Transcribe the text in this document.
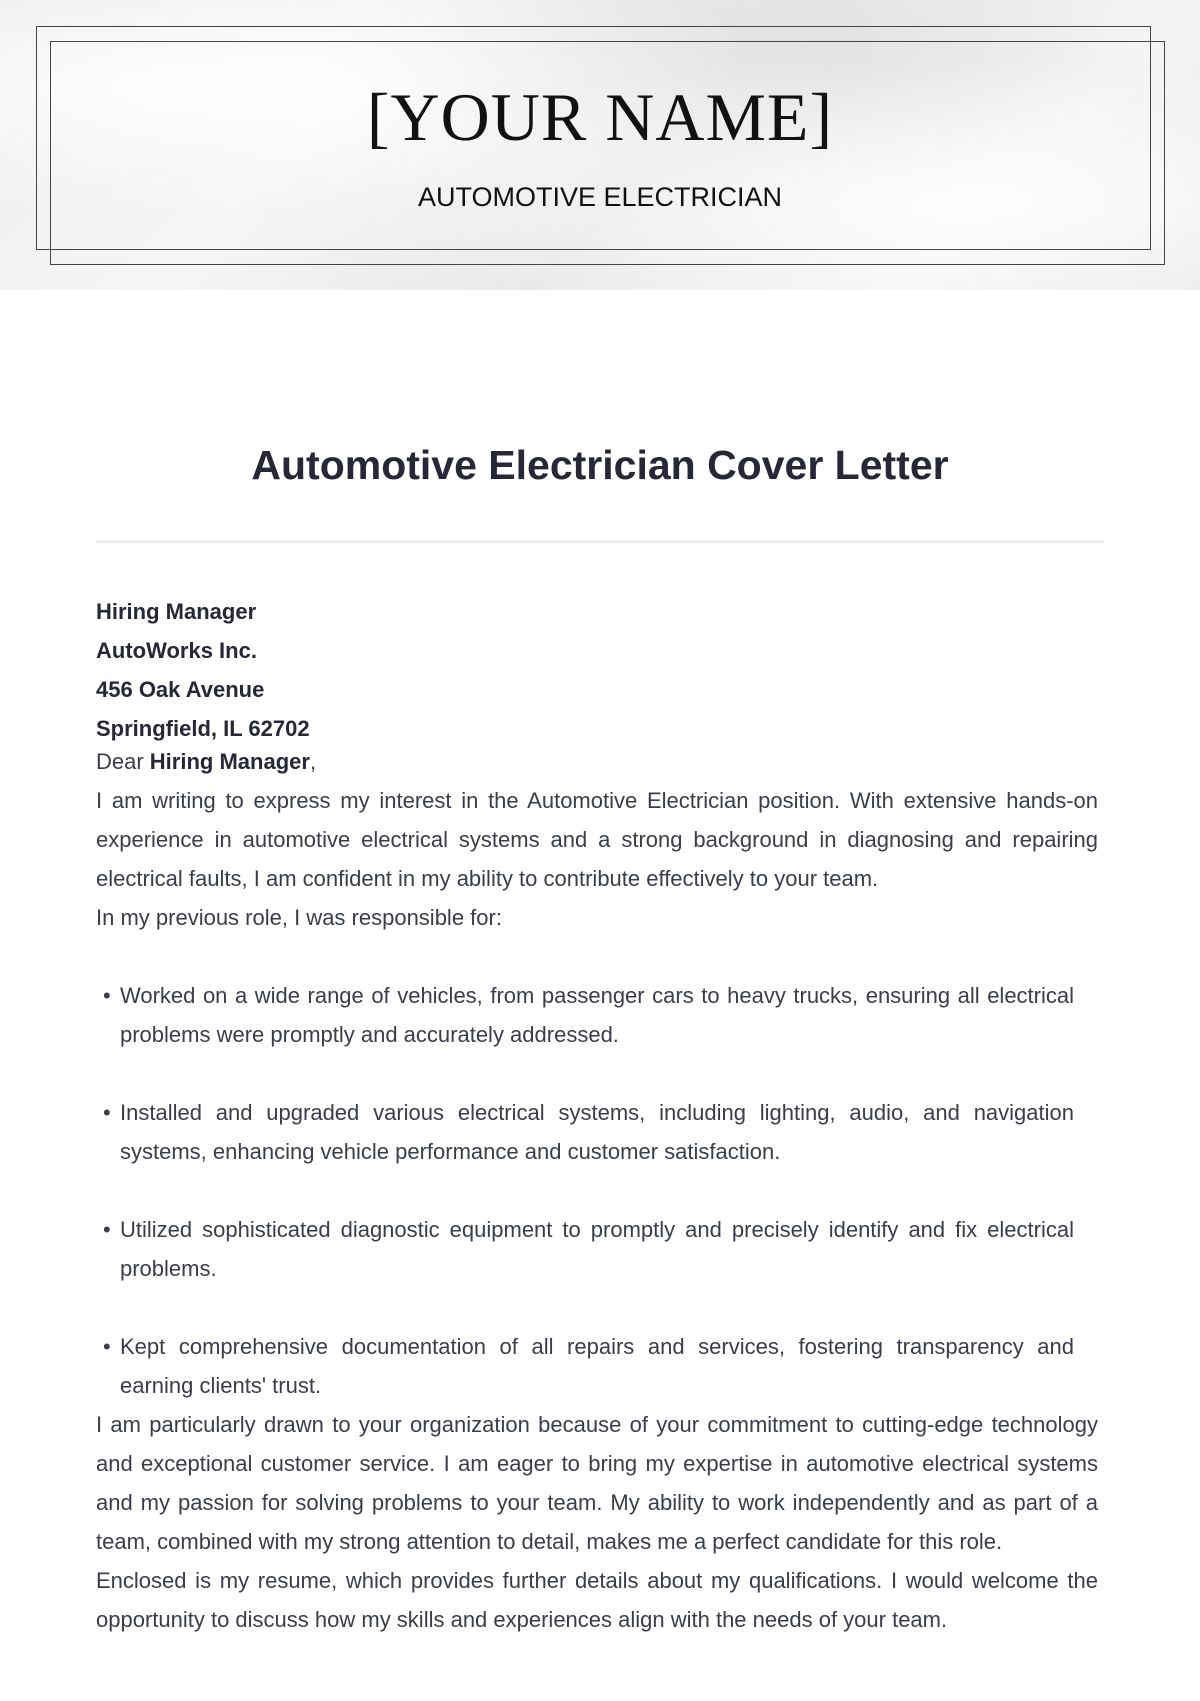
[YOUR NAME]
AUTOMOTIVE ELECTRICIAN
Automotive Electrician Cover Letter

Hiring Manager

AutoWorks Inc.

456 Oak Avenue

Springfield, IL 62702

Dear Hiring Manager,

I am writing to express my interest in the Automotive Electrician position. With extensive hands-on experience in automotive electrical systems and a strong background in diagnosing and repairing electrical faults, I am confident in my ability to contribute effectively to your team.

In my previous role, I was responsible for:

• Worked on a wide range of vehicles, from passenger cars to heavy trucks, ensuring all electrical problems were promptly and accurately addressed.
• Installed and upgraded various electrical systems, including lighting, audio, and navigation systems, enhancing vehicle performance and customer satisfaction.
• Utilized sophisticated diagnostic equipment to promptly and precisely identify and fix electrical problems.
• Kept comprehensive documentation of all repairs and services, fostering transparency and earning clients' trust.

I am particularly drawn to your organization because of your commitment to cutting-edge technology and exceptional customer service. I am eager to bring my expertise in automotive electrical systems and my passion for solving problems to your team. My ability to work independently and as part of a team, combined with my strong attention to detail, makes me a perfect candidate for this role.

Enclosed is my resume, which provides further details about my qualifications. I would welcome the opportunity to discuss how my skills and experiences align with the needs of your team.
